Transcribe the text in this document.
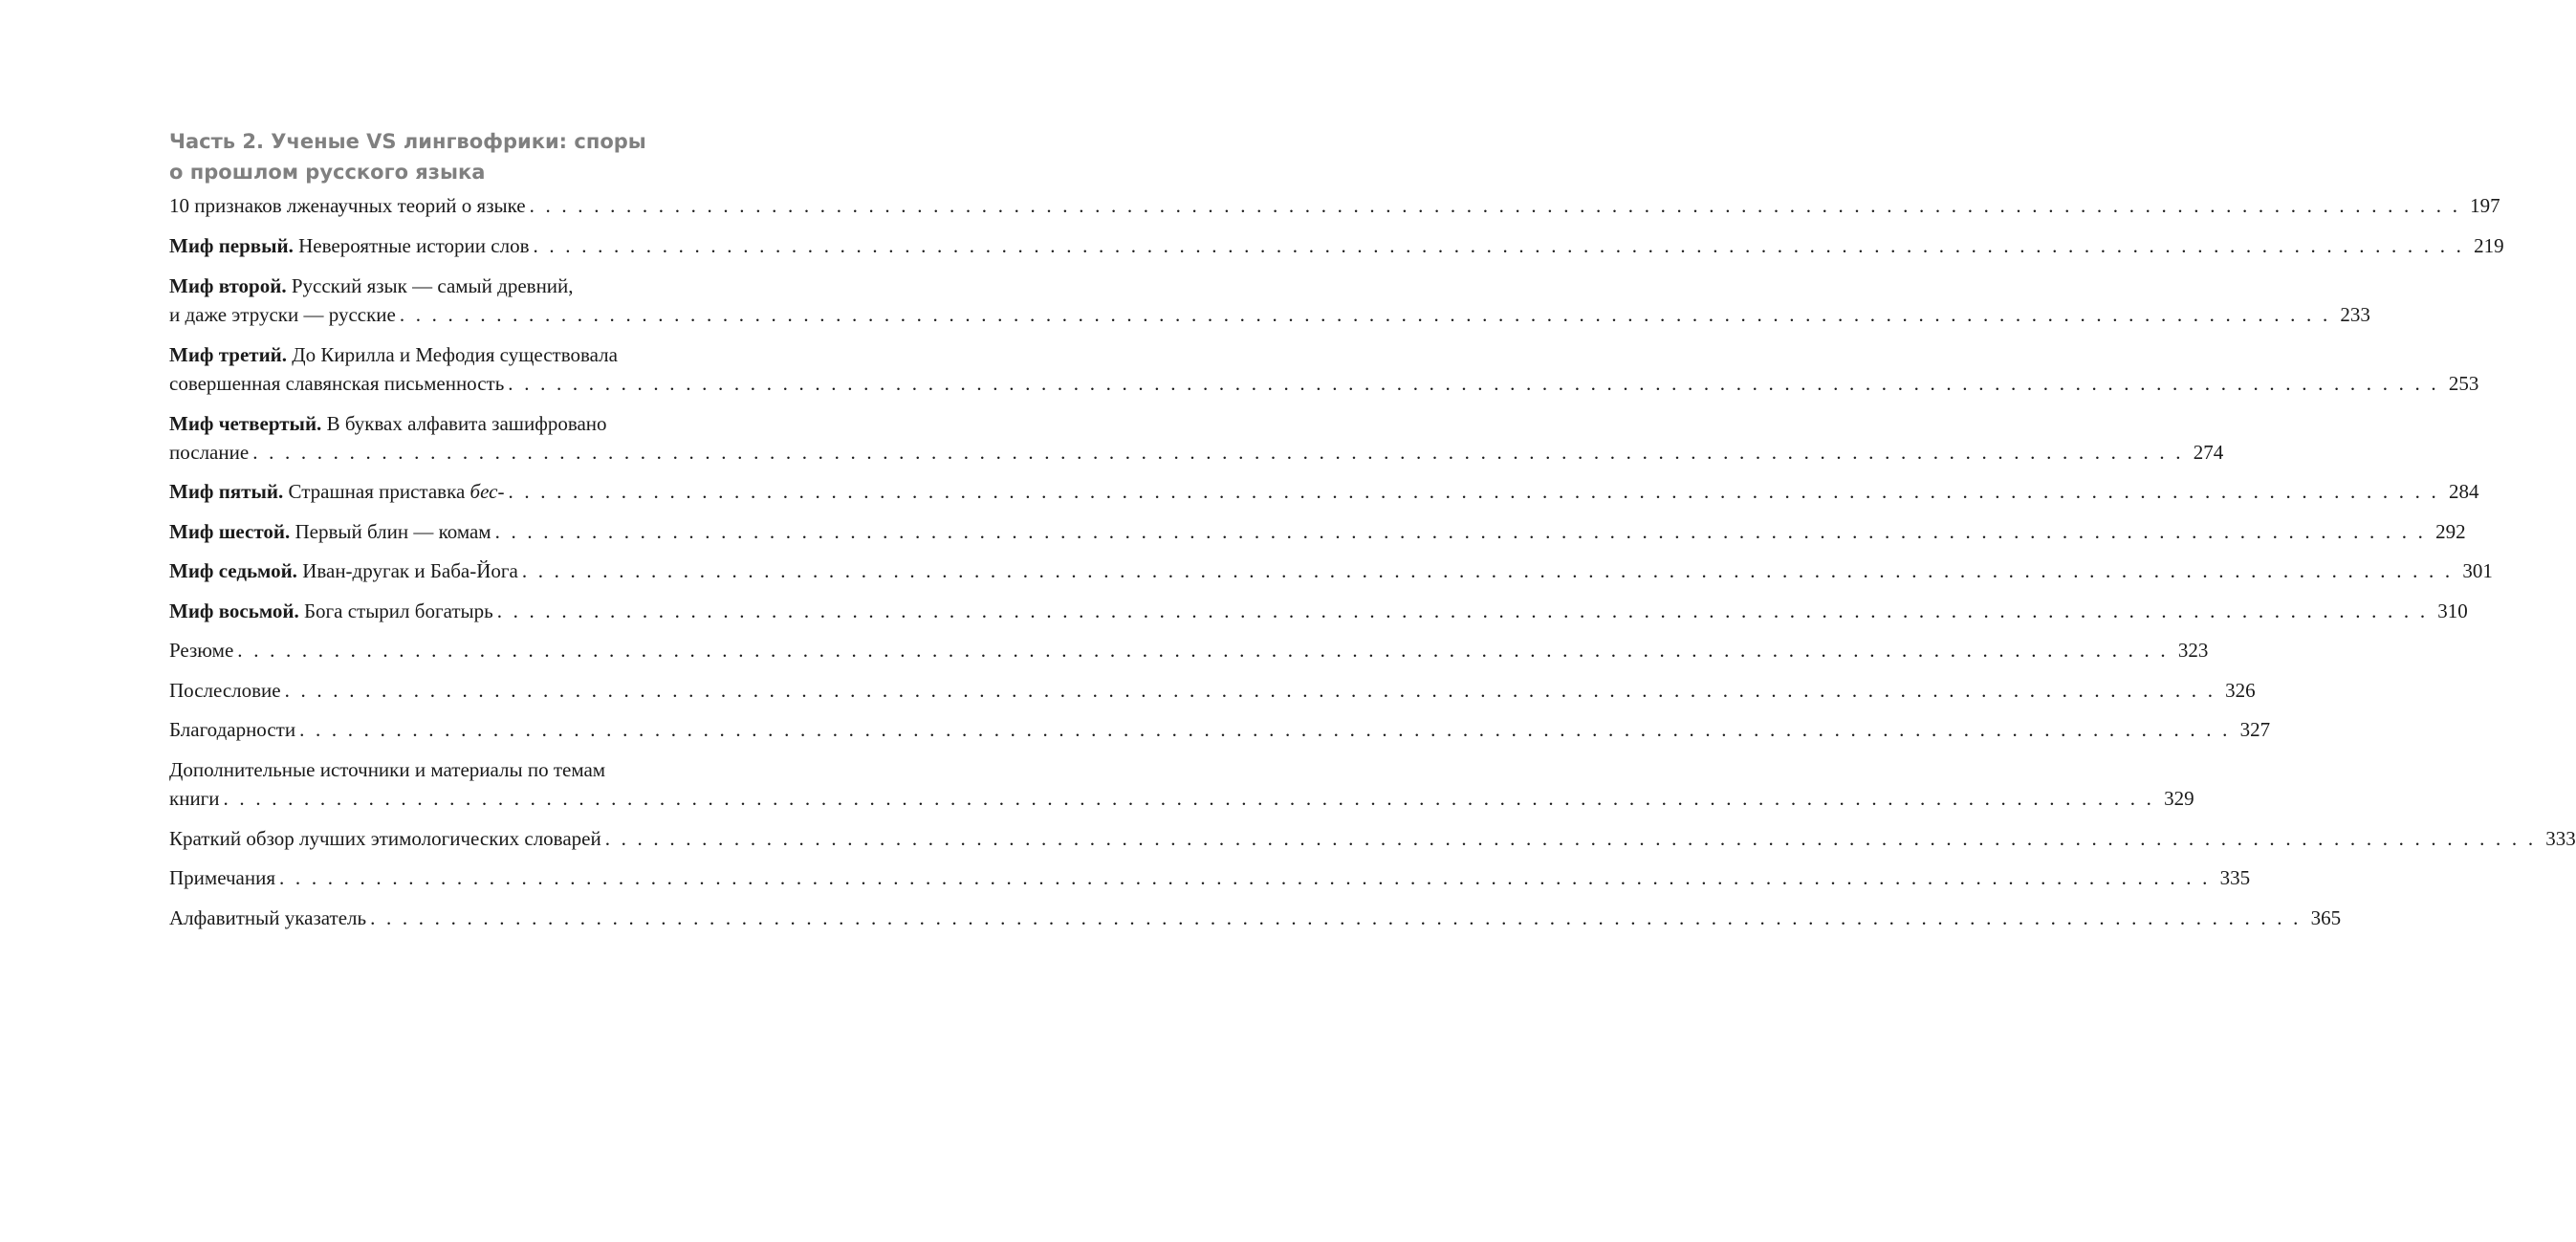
Часть 2. Ученые VS лингвофрики: споры
о прошлом русского языка
10 признаков лженаучных теорий о языке . . . . . . . . . . . . . . . . . . . . . . . . . . . . . . . . . . . . . . . . . . . . . . . . . . . . . . . . . . . . . . . . . . . . . . . . . . . . . . . . . . . . . . . . . . . . . . . . . . . . . . . . . . . . . . . . . . . . . . . . 197
Миф первый. Невероятные истории слов . . . . . . . . . . . . . . . . . . . . . . . . . . . . . . . . . . . . . . . . . . . . . . . . . . . . . . . . . . . . . . . . . . . . . . . . . . . . . . . . . . . . . . . . . . . . . . . . . . . . . . . . . . . . . . . . . . . . . . . . 219
Миф второй. Русский язык — самый древний,
и даже этруски — русские . . . . . . . . . . . . . . . . . . . . . . . . . . . . . . . . . . . . . . . . . . . . . . . . . . . . . . . . . . . . . . . . . . . . . . . . . . . . . . . . . . . . . . . . . . . . . . . . . . . . . . . . . . . . . . . . . . . . . . . . 233
Миф третий. До Кирилла и Мефодия существовала
совершенная славянская письменность . . . . . . . . . . . . . . . . . . . . . . . . . . . . . . . . . . . . . . . . . . . . . . . . . . . . . . . . . . . . . . . . . . . . . . . . . . . . . . . . . . . . . . . . . . . . . . . . . . . . . . . . . . . . . . . . . . . . . . . . 253
Миф четвертый. В буквах алфавита зашифровано
послание . . . . . . . . . . . . . . . . . . . . . . . . . . . . . . . . . . . . . . . . . . . . . . . . . . . . . . . . . . . . . . . . . . . . . . . . . . . . . . . . . . . . . . . . . . . . . . . . . . . . . . . . . . . . . . . . . . . . . . . . 274
Миф пятый. Страшная приставка бес- . . . . . . . . . . . . . . . . . . . . . . . . . . . . . . . . . . . . . . . . . . . . . . . . . . . . . . . . . . . . . . . . . . . . . . . . . . . . . . . . . . . . . . . . . . . . . . . . . . . . . . . . . . . . . . . . . . . . . . . . 284
Миф шестой. Первый блин — комам . . . . . . . . . . . . . . . . . . . . . . . . . . . . . . . . . . . . . . . . . . . . . . . . . . . . . . . . . . . . . . . . . . . . . . . . . . . . . . . . . . . . . . . . . . . . . . . . . . . . . . . . . . . . . . . . . . . . . . . . 292
Миф седьмой. Иван-другак и Баба-Йога . . . . . . . . . . . . . . . . . . . . . . . . . . . . . . . . . . . . . . . . . . . . . . . . . . . . . . . . . . . . . . . . . . . . . . . . . . . . . . . . . . . . . . . . . . . . . . . . . . . . . . . . . . . . . . . . . . . . . . . . 301
Миф восьмой. Бога стырил богатырь . . . . . . . . . . . . . . . . . . . . . . . . . . . . . . . . . . . . . . . . . . . . . . . . . . . . . . . . . . . . . . . . . . . . . . . . . . . . . . . . . . . . . . . . . . . . . . . . . . . . . . . . . . . . . . . . . . . . . . . . 310
Резюме . . . . . . . . . . . . . . . . . . . . . . . . . . . . . . . . . . . . . . . . . . . . . . . . . . . . . . . . . . . . . . . . . . . . . . . . . . . . . . . . . . . . . . . . . . . . . . . . . . . . . . . . . . . . . . . . . . . . . . . . 323
Послесловие . . . . . . . . . . . . . . . . . . . . . . . . . . . . . . . . . . . . . . . . . . . . . . . . . . . . . . . . . . . . . . . . . . . . . . . . . . . . . . . . . . . . . . . . . . . . . . . . . . . . . . . . . . . . . . . . . . . . . . . . 326
Благодарности . . . . . . . . . . . . . . . . . . . . . . . . . . . . . . . . . . . . . . . . . . . . . . . . . . . . . . . . . . . . . . . . . . . . . . . . . . . . . . . . . . . . . . . . . . . . . . . . . . . . . . . . . . . . . . . . . . . . . . . . 327
Дополнительные источники и материалы по темам
книги . . . . . . . . . . . . . . . . . . . . . . . . . . . . . . . . . . . . . . . . . . . . . . . . . . . . . . . . . . . . . . . . . . . . . . . . . . . . . . . . . . . . . . . . . . . . . . . . . . . . . . . . . . . . . . . . . . . . . . . . 329
Краткий обзор лучших этимологических словарей . . . . . . . . . . . . . . . . . . . . . . . . . . . . . . . . . . . . . . . . . . . . . . . . . . . . . . . . . . . . . . . . . . . . . . . . . . . . . . . . . . . . . . . . . . . . . . . . . . . . . . . . . . . . . . . . . . . . . . . . 333
Примечания . . . . . . . . . . . . . . . . . . . . . . . . . . . . . . . . . . . . . . . . . . . . . . . . . . . . . . . . . . . . . . . . . . . . . . . . . . . . . . . . . . . . . . . . . . . . . . . . . . . . . . . . . . . . . . . . . . . . . . . . 335
Алфавитный указатель . . . . . . . . . . . . . . . . . . . . . . . . . . . . . . . . . . . . . . . . . . . . . . . . . . . . . . . . . . . . . . . . . . . . . . . . . . . . . . . . . . . . . . . . . . . . . . . . . . . . . . . . . . . . . . . . . . . . . . . . 365
